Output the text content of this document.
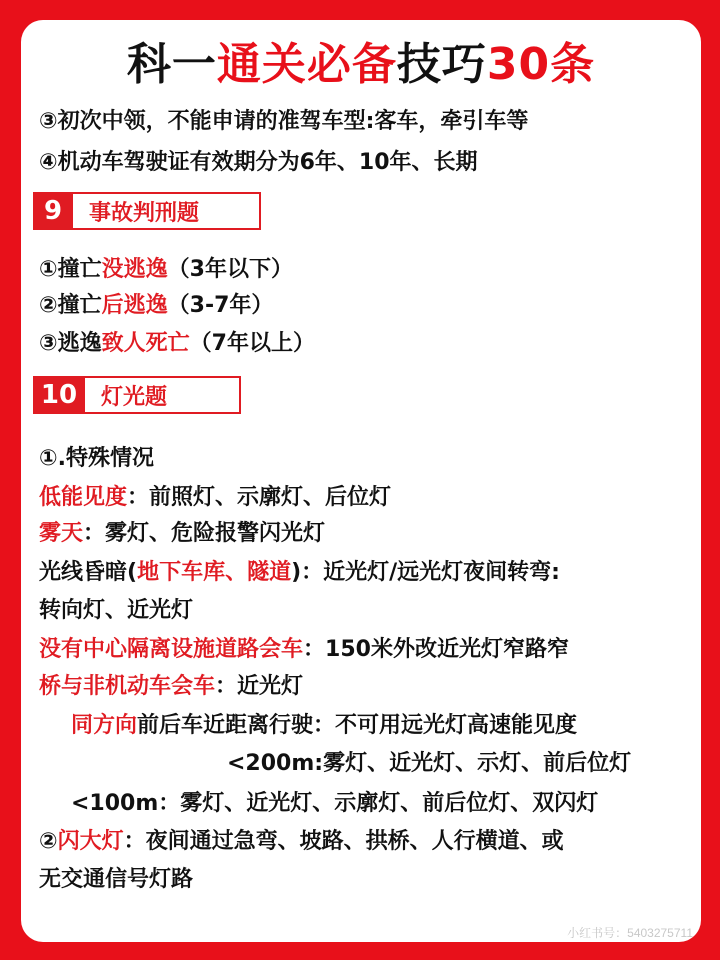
科一通关必备技巧30条
③初次中领，不能申请的准驾车型:客车，牵引车等
④机动车驾驶证有效期分为6年、10年、长期
9	事故判刑题
①撞亡没逃逸（3年以下）
②撞亡后逃逸（3-7年）
③逃逸致人死亡（7年以上）
10	灯光题
①.特殊情况
低能见度：前照灯、示廓灯、后位灯
雾天：雾灯、危险报警闪光灯
光线昏暗(地下车库、隧道)：近光灯/远光灯夜间转弯:
转向灯、近光灯
没有中心隔离设施道路会车：150米外改近光灯窄路窄
桥与非机动车会车：近光灯
同方向前后车近距离行驶：不可用远光灯高速能见度
<200m:雾灯、近光灯、示灯、前后位灯
<100m：雾灯、近光灯、示廓灯、前后位灯、双闪灯
②闪大灯：夜间通过急弯、坡路、拱桥、人行横道、或
无交通信号灯路
小红书号：5403275711
